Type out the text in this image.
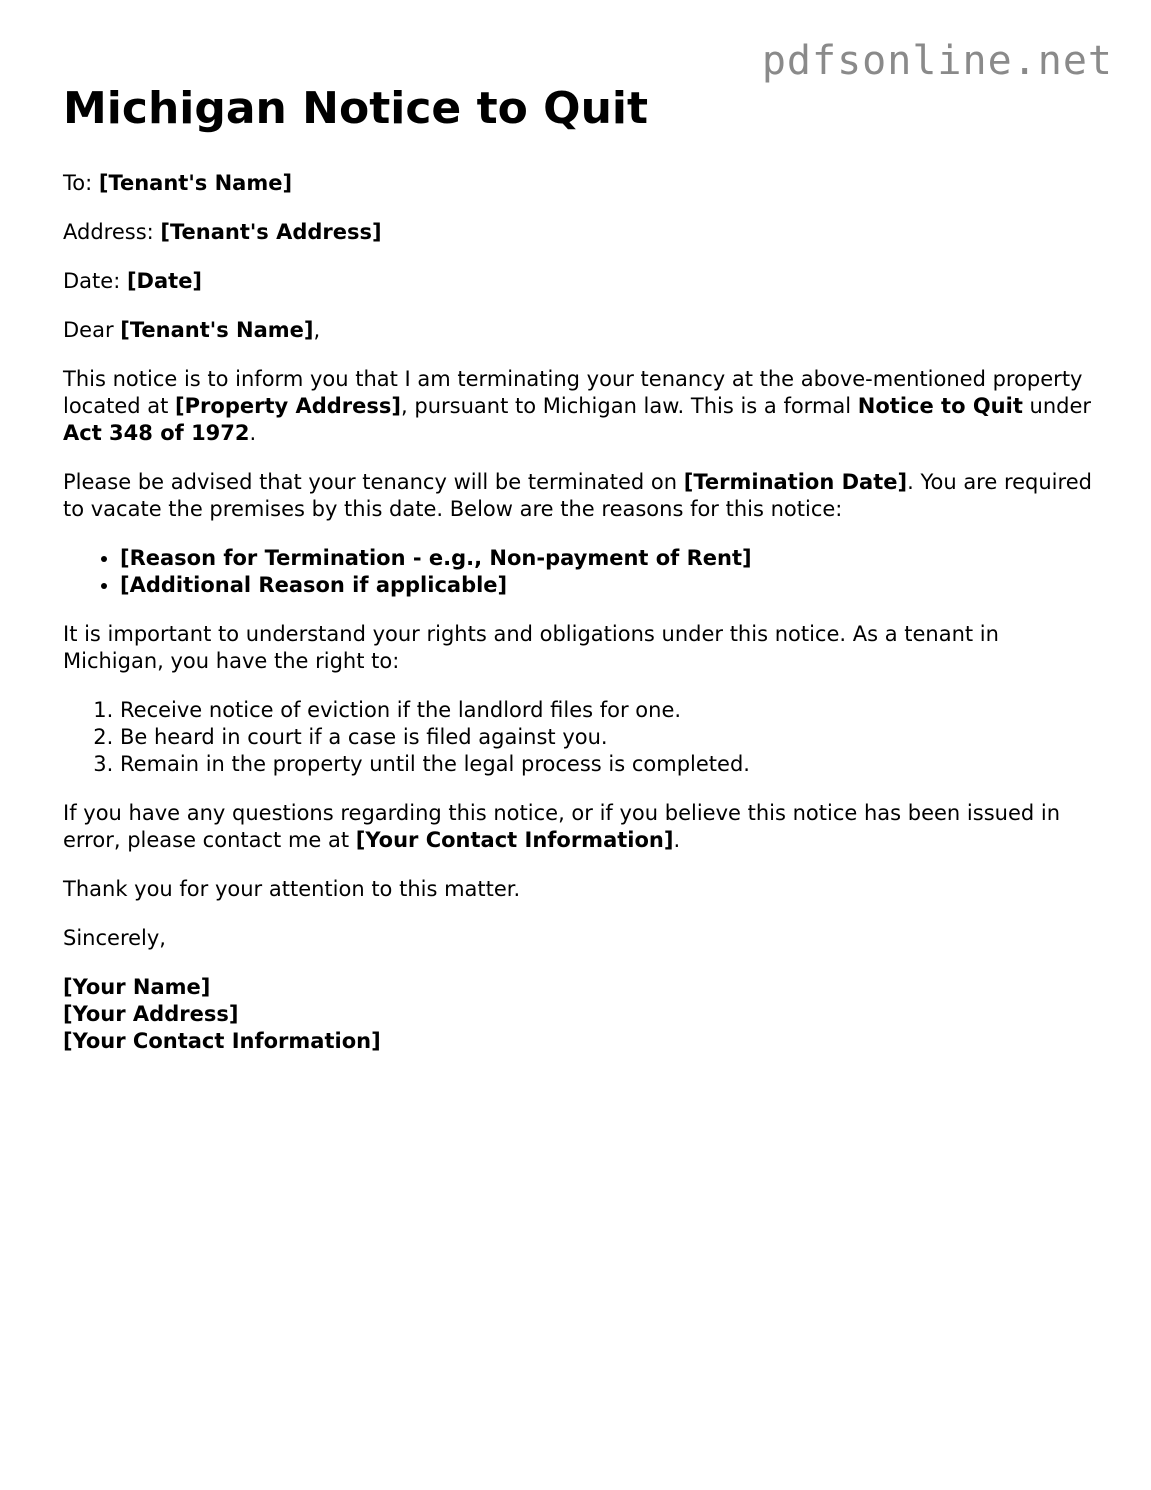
pdfsonline.net
Michigan Notice to Quit

To: [Tenant's Name]

Address: [Tenant's Address]

Date: [Date]

Dear [Tenant's Name],

This notice is to inform you that I am terminating your tenancy at the above-mentioned property located at [Property Address], pursuant to Michigan law. This is a formal Notice to Quit under Act 348 of 1972.

Please be advised that your tenancy will be terminated on [Termination Date]. You are required to vacate the premises by this date. Below are the reasons for this notice:

• [Reason for Termination - e.g., Non-payment of Rent]
• [Additional Reason if applicable]

It is important to understand your rights and obligations under this notice. As a tenant in Michigan, you have the right to:

1. Receive notice of eviction if the landlord files for one.
2. Be heard in court if a case is filed against you.
3. Remain in the property until the legal process is completed.

If you have any questions regarding this notice, or if you believe this notice has been issued in error, please contact me at [Your Contact Information].

Thank you for your attention to this matter.

Sincerely,

[Your Name]
[Your Address]
[Your Contact Information]
